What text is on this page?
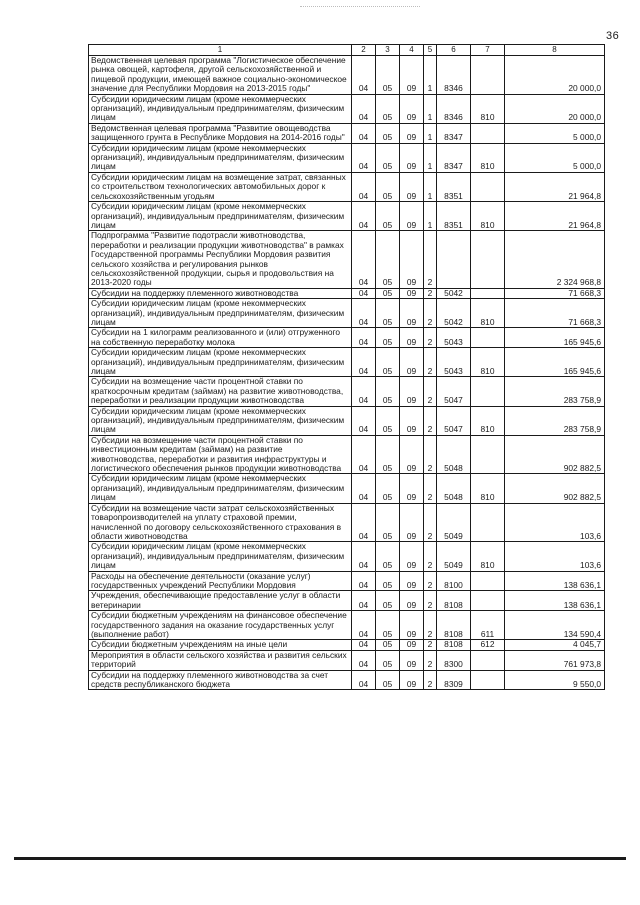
36
1	2	3	4	5	6	7	8
Ведомственная целевая программа "Логистическое обеспечение рынка овощей, картофеля, другой сельскохозяйственной и пищевой продукции, имеющей важное социально-экономическое значение для Республики Мордовия на 2013-2015 годы"	04	05	09	1	8346		20 000,0
Субсидии юридическим лицам (кроме некоммерческих организаций), индивидуальным предпринимателям, физическим лицам	04	05	09	1	8346	810	20 000,0
Ведомственная целевая программа "Развитие овощеводства защищенного грунта в Республике Мордовия на 2014-2016 годы"	04	05	09	1	8347		5 000,0
Субсидии юридическим лицам (кроме некоммерческих организаций), индивидуальным предпринимателям, физическим лицам	04	05	09	1	8347	810	5 000,0
Субсидии юридическим лицам на возмещение затрат, связанных со строительством технологических автомобильных дорог к сельскохозяйственным угодьям	04	05	09	1	8351		21 964,8
Субсидии юридическим лицам (кроме некоммерческих организаций), индивидуальным предпринимателям, физическим лицам	04	05	09	1	8351	810	21 964,8
Подпрограмма "Развитие подотрасли животноводства, переработки и реализации продукции животноводства" в рамках Государственной программы Республики Мордовия развития сельского хозяйства и регулирования рынков сельскохозяйственной продукции, сырья и продовольствия на 2013-2020 годы	04	05	09	2			2 324 968,8
Субсидии на поддержку племенного животноводства	04	05	09	2	5042		71 668,3
Субсидии юридическим лицам (кроме некоммерческих организаций), индивидуальным предпринимателям, физическим лицам	04	05	09	2	5042	810	71 668,3
Субсидии на 1 килограмм реализованного и (или) отгруженного на собственную переработку молока	04	05	09	2	5043		165 945,6
Субсидии юридическим лицам (кроме некоммерческих организаций), индивидуальным предпринимателям, физическим лицам	04	05	09	2	5043	810	165 945,6
Субсидии на возмещение части процентной ставки по краткосрочным кредитам (займам) на развитие животноводства, переработки и реализации продукции животноводства	04	05	09	2	5047		283 758,9
Субсидии юридическим лицам (кроме некоммерческих организаций), индивидуальным предпринимателям, физическим лицам	04	05	09	2	5047	810	283 758,9
Субсидии на возмещение части процентной ставки по инвестиционным кредитам (займам) на развитие животноводства, переработки и развития инфраструктуры и логистического обеспечения рынков продукции животноводства	04	05	09	2	5048		902 882,5
Субсидии юридическим лицам (кроме некоммерческих организаций), индивидуальным предпринимателям, физическим лицам	04	05	09	2	5048	810	902 882,5
Субсидии на возмещение части затрат сельскохозяйственных товаропроизводителей на уплату страховой премии, начисленной по договору сельскохозяйственного страхования в области животноводства	04	05	09	2	5049		103,6
Субсидии юридическим лицам (кроме некоммерческих организаций), индивидуальным предпринимателям, физическим лицам	04	05	09	2	5049	810	103,6
Расходы на обеспечение деятельности (оказание услуг) государственных учреждений Республики Мордовия	04	05	09	2	8100		138 636,1
Учреждения, обеспечивающие предоставление услуг в области ветеринарии	04	05	09	2	8108		138 636,1
Субсидии бюджетным учреждениям на финансовое обеспечение государственного задания на оказание государственных услуг (выполнение работ)	04	05	09	2	8108	611	134 590,4
Субсидии бюджетным учреждениям на иные цели	04	05	09	2	8108	612	4 045,7
Мероприятия в области сельского хозяйства и развития сельских территорий	04	05	09	2	8300		761 973,8
Субсидии на поддержку племенного животноводства за счет средств республиканского бюджета	04	05	09	2	8309		9 550,0
